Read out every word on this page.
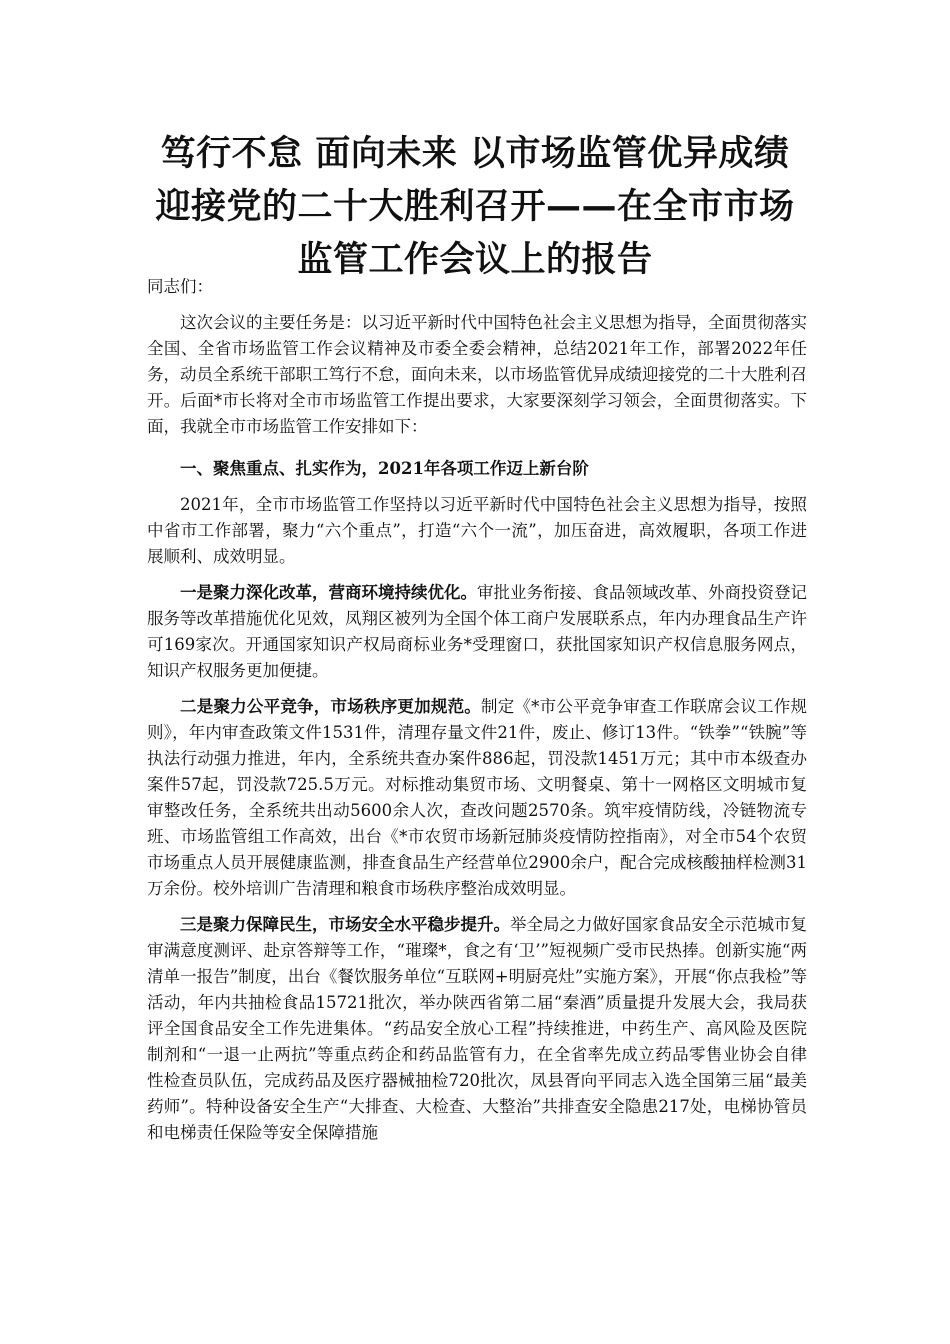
笃行不怠 面向未来 以市场监管优异成绩
迎接党的二十大胜利召开——在全市市场
监管工作会议上的报告

同志们：

这次会议的主要任务是：以习近平新时代中国特色社会主义思想为指导，全面贯彻落实全国、全省市场监管工作会议精神及市委全委会精神，总结2021年工作，部署2022年任务，动员全系统干部职工笃行不怠，面向未来，以市场监管优异成绩迎接党的二十大胜利召开。后面*市长将对全市市场监管工作提出要求，大家要深刻学习领会，全面贯彻落实。下面，我就全市市场监管工作安排如下：

一、聚焦重点、扎实作为，2021年各项工作迈上新台阶

2021年，全市市场监管工作坚持以习近平新时代中国特色社会主义思想为指导，按照中省市工作部署，聚力“六个重点”，打造“六个一流”，加压奋进，高效履职，各项工作进展顺利、成效明显。

一是聚力深化改革，营商环境持续优化。审批业务衔接、食品领域改革、外商投资登记服务等改革措施优化见效，凤翔区被列为全国个体工商户发展联系点，年内办理食品生产许可169家次。开通国家知识产权局商标业务*受理窗口，获批国家知识产权信息服务网点，知识产权服务更加便捷。

二是聚力公平竞争，市场秩序更加规范。制定《*市公平竞争审查工作联席会议工作规则》，年内审查政策文件1531件，清理存量文件21件，废止、修订13件。“铁拳”“铁腕”等执法行动强力推进，年内，全系统共查办案件886起，罚没款1451万元；其中市本级查办案件57起，罚没款725.5万元。对标推动集贸市场、文明餐桌、第十一网格区文明城市复审整改任务，全系统共出动5600余人次，查改问题2570条。筑牢疫情防线，冷链物流专班、市场监管组工作高效，出台《*市农贸市场新冠肺炎疫情防控指南》，对全市54个农贸市场重点人员开展健康监测，排查食品生产经营单位2900余户，配合完成核酸抽样检测31万余份。校外培训广告清理和粮食市场秩序整治成效明显。

三是聚力保障民生，市场安全水平稳步提升。举全局之力做好国家食品安全示范城市复审满意度测评、赴京答辩等工作，“璀璨*，食之有‘卫’”短视频广受市民热捧。创新实施“两清单一报告”制度，出台《餐饮服务单位“互联网+明厨亮灶”实施方案》，开展“你点我检”等活动，年内共抽检食品15721批次，举办陕西省第二届“秦酒”质量提升发展大会，我局获评全国食品安全工作先进集体。“药品安全放心工程”持续推进，中药生产、高风险及医院制剂和“一退一止两抗”等重点药企和药品监管有力，在全省率先成立药品零售业协会自律性检查员队伍，完成药品及医疗器械抽检720批次，凤县胥向平同志入选全国第三届“最美药师”。特种设备安全生产“大排查、大检查、大整治”共排查安全隐患217处，电梯协管员和电梯责任保险等安全保障措施
